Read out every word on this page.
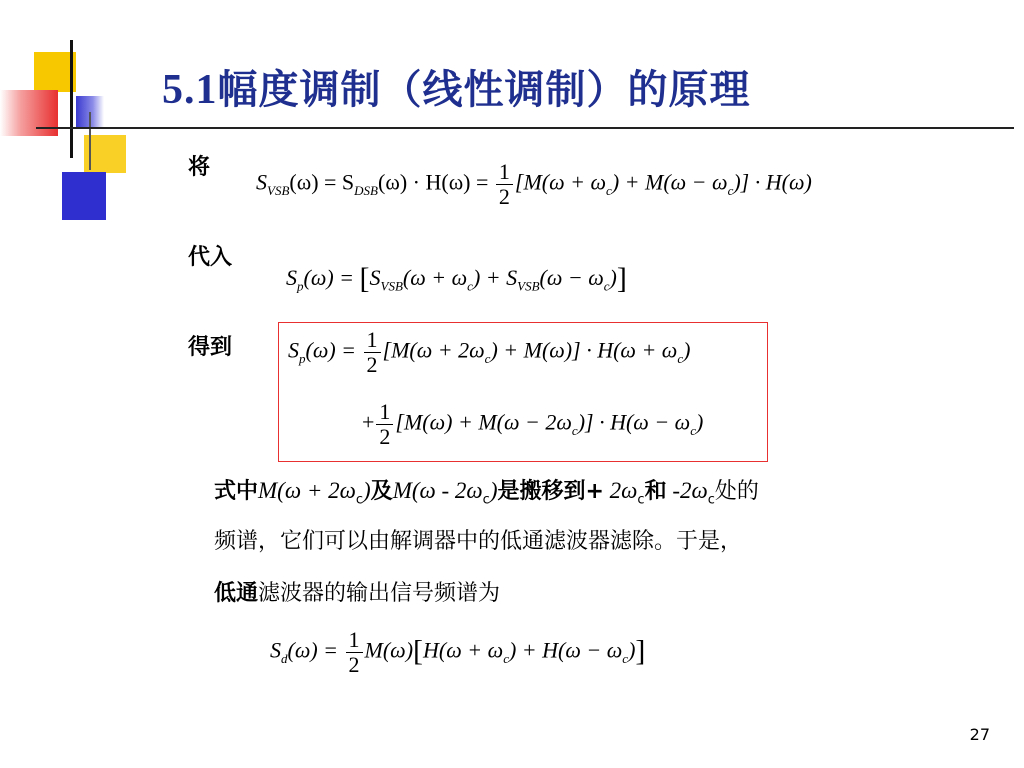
5.1幅度调制（线性调制）的原理
将
$S_{VSB}(\omega) = S_{DSB}(\omega) \cdot H(\omega) = \frac{1}{2} [M(\omega + \omega_c) + M(\omega - \omega_c)] \cdot H(\omega)$
代入
$S_p(\omega) = [S_{VSB}(\omega + \omega_c) + S_{VSB}(\omega - \omega_c)]$
得到	$S_p(\omega) = \frac{1}{2} [M(\omega + 2\omega_c) + M(\omega)] \cdot H(\omega + \omega_c)$
+ $\frac{1}{2} [M(\omega) + M(\omega - 2\omega_c)] \cdot H(\omega - \omega_c)$
式中$M(\omega + 2\omega_c)$及$M(\omega - 2\omega_c)$是搬移到+ $2\omega_c$和 $-2\omega_c$处的
频谱，它们可以由解调器中的低通滤波器滤除。于是，
低通滤波器的输出信号频谱为
$S_d(\omega) = \frac{1}{2} M(\omega)[H(\omega + \omega_c) + H(\omega - \omega_c)]$
27
